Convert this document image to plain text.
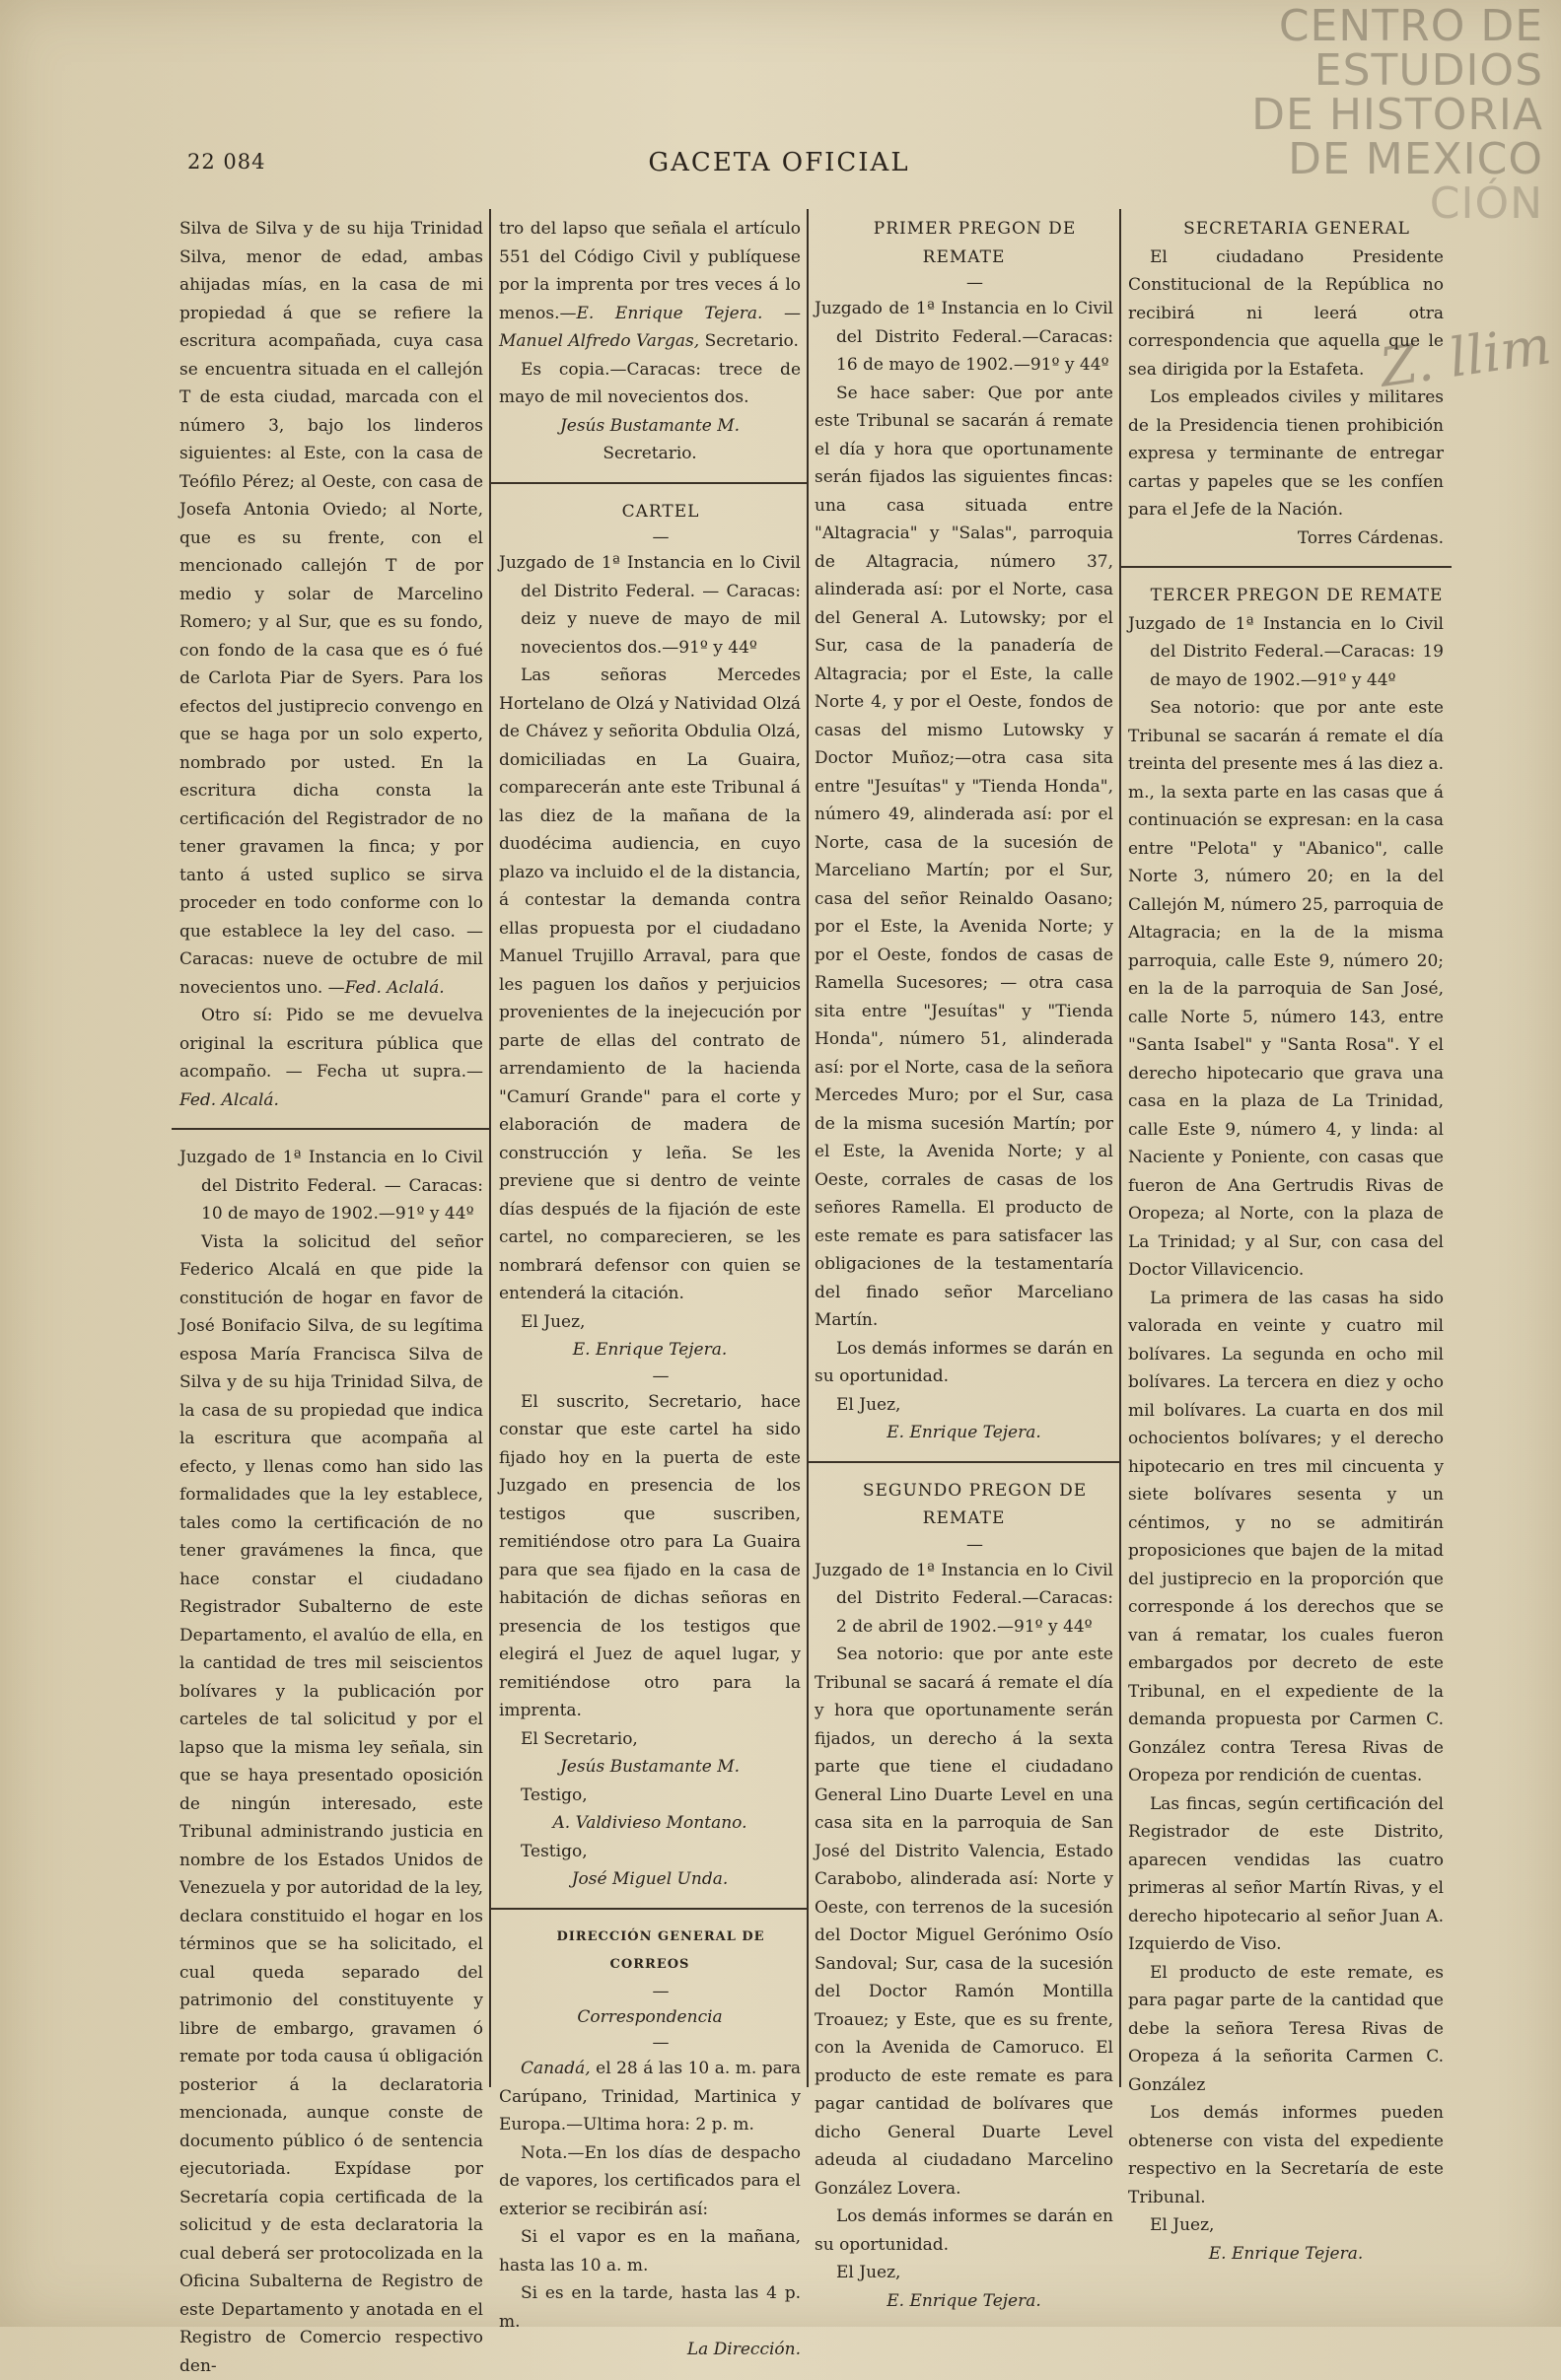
CENTRO DE
ESTUDIOS
DE HISTORIA
DE MEXICO
CIÓN
Z. llim
22 084	GACETA OFICIAL

Silva de Silva y de su hija Trinidad Silva, menor de edad, ambas ahijadas mías, en la casa de mi propiedad á que se refiere la escritura acompañada, cuya casa se encuentra situada en el callejón T de esta ciudad, marcada con el número 3, bajo los linderos siguientes: al Este, con la casa de Teófilo Pérez; al Oeste, con casa de Josefa Antonia Oviedo; al Norte, que es su frente, con el mencionado callejón T de por medio y solar de Marcelino Romero; y al Sur, que es su fondo, con fondo de la casa que es ó fué de Carlota Piar de Syers. Para los efectos del justiprecio convengo en que se haga por un solo experto, nombrado por usted. En la escritura dicha consta la certificación del Registrador de no tener gravamen la finca; y por tanto á usted suplico se sirva proceder en todo conforme con lo que establece la ley del caso. —Caracas: nueve de octubre de mil novecientos uno. —Fed. Aclalá.

Otro sí: Pido se me devuelva original la escritura pública que acompaño. — Fecha ut supra.—Fed. Alcalá.

Juzgado de 1ª Instancia en lo Civil del Distrito Federal. — Caracas: 10 de mayo de 1902.—91º y 44º

Vista la solicitud del señor Federico Alcalá en que pide la constitución de hogar en favor de José Bonifacio Silva, de su legítima esposa María Francisca Silva de Silva y de su hija Trinidad Silva, de la casa de su propiedad que indica la escritura que acompaña al efecto, y llenas como han sido las formalidades que la ley establece, tales como la certificación de no tener gravámenes la finca, que hace constar el ciudadano Registrador Subalterno de este Departamento, el avalúo de ella, en la cantidad de tres mil seiscientos bolívares y la publicación por carteles de tal solicitud y por el lapso que la misma ley señala, sin que se haya presentado oposición de ningún interesado, este Tribunal administrando justicia en nombre de los Estados Unidos de Venezuela y por autoridad de la ley, declara constituido el hogar en los términos que se ha solicitado, el cual queda separado del patrimonio del constituyente y libre de embargo, gravamen ó remate por toda causa ú obligación posterior á la declaratoria mencionada, aunque conste de documento público ó de sentencia ejecutoriada. Expídase por Secretaría copia certificada de la solicitud y de esta declaratoria la cual deberá ser protocolizada en la Oficina Subalterna de Registro de este Departamento y anotada en el Registro de Comercio respectivo den-

tro del lapso que señala el artículo 551 del Código Civil y publíquese por la imprenta por tres veces á lo menos.—E. Enrique Tejera. — Manuel Alfredo Vargas, Secretario.

Es copia.—Caracas: trece de mayo de mil novecientos dos.

Jesús Bustamante M.

Secretario.

CARTEL

—

Juzgado de 1ª Instancia en lo Civil del Distrito Federal. — Caracas: deiz y nueve de mayo de mil novecientos dos.—91º y 44º

Las señoras Mercedes Hortelano de Olzá y Natividad Olzá de Chávez y señorita Obdulia Olzá, domiciliadas en La Guaira, comparecerán ante este Tribunal á las diez de la mañana de la duodécima audiencia, en cuyo plazo va incluido el de la distancia, á contestar la demanda contra ellas propuesta por el ciudadano Manuel Trujillo Arraval, para que les paguen los daños y perjuicios provenientes de la inejecución por parte de ellas del contrato de arrendamiento de la hacienda "Camurí Grande" para el corte y elaboración de madera de construcción y leña. Se les previene que si dentro de veinte días después de la fijación de este cartel, no comparecieren, se les nombrará defensor con quien se entenderá la citación.

El Juez,

E. Enrique Tejera.

—

El suscrito, Secretario, hace constar que este cartel ha sido fijado hoy en la puerta de este Juzgado en presencia de los testigos que suscriben, remitiéndose otro para La Guaira para que sea fijado en la casa de habitación de dichas señoras en presencia de los testigos que elegirá el Juez de aquel lugar, y remitiéndose otro para la imprenta.

El Secretario,

Jesús Bustamante M.

Testigo,

A. Valdivieso Montano.

Testigo,

José Miguel Unda.

DIRECCIÓN GENERAL DE CORREOS

—

Correspondencia

—

Canadá, el 28 á las 10 a. m. para Carúpano, Trinidad, Martinica y Europa.—Ultima hora: 2 p. m.

Nota.—En los días de despacho de vapores, los certificados para el exterior se recibirán así:

Si el vapor es en la mañana, hasta las 10 a. m.

Si es en la tarde, hasta las 4 p. m.

La Dirección.

PRIMER PREGON DE REMATE

—

Juzgado de 1ª Instancia en lo Civil del Distrito Federal.—Caracas: 16 de mayo de 1902.—91º y 44º

Se hace saber: Que por ante este Tribunal se sacarán á remate el día y hora que oportunamente serán fijados las siguientes fincas: una casa situada entre "Altagracia" y "Salas", parroquia de Altagracia, número 37, alinderada así: por el Norte, casa del General A. Lutowsky; por el Sur, casa de la panadería de Altagracia; por el Este, la calle Norte 4, y por el Oeste, fondos de casas del mismo Lutowsky y Doctor Muñoz;—otra casa sita entre "Jesuítas" y "Tienda Honda", número 49, alinderada así: por el Norte, casa de la sucesión de Marceliano Martín; por el Sur, casa del señor Reinaldo Oasano; por el Este, la Avenida Norte; y por el Oeste, fondos de casas de Ramella Sucesores; — otra casa sita entre "Jesuítas" y "Tienda Honda", número 51, alinderada así: por el Norte, casa de la señora Mercedes Muro; por el Sur, casa de la misma sucesión Martín; por el Este, la Avenida Norte; y al Oeste, corrales de casas de los señores Ramella. El producto de este remate es para satisfacer las obligaciones de la testamentaría del finado señor Marceliano Martín.

Los demás informes se darán en su oportunidad.

El Juez,

E. Enrique Tejera.

SEGUNDO PREGON DE REMATE

—

Juzgado de 1ª Instancia en lo Civil del Distrito Federal.—Caracas: 2 de abril de 1902.—91º y 44º

Sea notorio: que por ante este Tribunal se sacará á remate el día y hora que oportunamente serán fijados, un derecho á la sexta parte que tiene el ciudadano General Lino Duarte Level en una casa sita en la parroquia de San José del Distrito Valencia, Estado Carabobo, alinderada así: Norte y Oeste, con terrenos de la sucesión del Doctor Miguel Gerónimo Osío Sandoval; Sur, casa de la sucesión del Doctor Ramón Montilla Troauez; y Este, que es su frente, con la Avenida de Camoruco. El producto de este remate es para pagar cantidad de bolívares que dicho General Duarte Level adeuda al ciudadano Marcelino González Lovera.

Los demás informes se darán en su oportunidad.

El Juez,

E. Enrique Tejera.

SECRETARIA GENERAL

El ciudadano Presidente Constitucional de la República no recibirá ni leerá otra correspondencia que aquella que le sea dirigida por la Estafeta.

Los empleados civiles y militares de la Presidencia tienen prohibición expresa y terminante de entregar cartas y papeles que se les confíen para el Jefe de la Nación.

Torres Cárdenas.

TERCER PREGON DE REMATE

Juzgado de 1ª Instancia en lo Civil del Distrito Federal.—Caracas: 19 de mayo de 1902.—91º y 44º

Sea notorio: que por ante este Tribunal se sacarán á remate el día treinta del presente mes á las diez a. m., la sexta parte en las casas que á continuación se expresan: en la casa entre "Pelota" y "Abanico", calle Norte 3, número 20; en la del Callejón M, número 25, parroquia de Altagracia; en la de la misma parroquia, calle Este 9, número 20; en la de la parroquia de San José, calle Norte 5, número 143, entre "Santa Isabel" y "Santa Rosa". Y el derecho hipotecario que grava una casa en la plaza de La Trinidad, calle Este 9, número 4, y linda: al Naciente y Poniente, con casas que fueron de Ana Gertrudis Rivas de Oropeza; al Norte, con la plaza de La Trinidad; y al Sur, con casa del Doctor Villavicencio.

La primera de las casas ha sido valorada en veinte y cuatro mil bolívares. La segunda en ocho mil bolívares. La tercera en diez y ocho mil bolívares. La cuarta en dos mil ochocientos bolívares; y el derecho hipotecario en tres mil cincuenta y siete bolívares sesenta y un céntimos, y no se admitirán proposiciones que bajen de la mitad del justiprecio en la proporción que corresponde á los derechos que se van á rematar, los cuales fueron embargados por decreto de este Tribunal, en el expediente de la demanda propuesta por Carmen C. González contra Teresa Rivas de Oropeza por rendición de cuentas.

Las fincas, según certificación del Registrador de este Distrito, aparecen vendidas las cuatro primeras al señor Martín Rivas, y el derecho hipotecario al señor Juan A. Izquierdo de Viso.

El producto de este remate, es para pagar parte de la cantidad que debe la señora Teresa Rivas de Oropeza á la señorita Carmen C. González

Los demás informes pueden obtenerse con vista del expediente respectivo en la Secretaría de este Tribunal.

El Juez,

E. Enrique Tejera.
